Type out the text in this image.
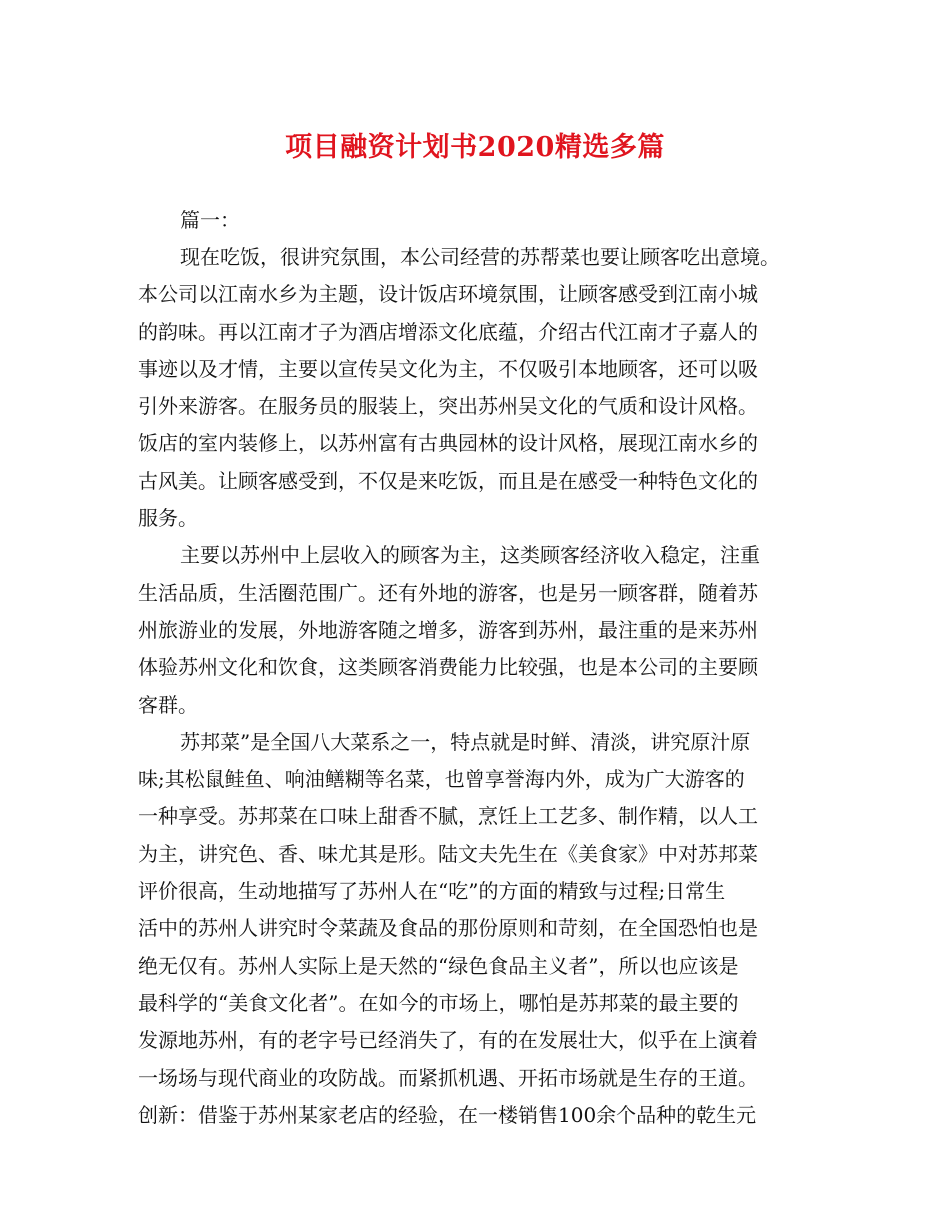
项目融资计划书2020精选多篇
篇一：
现在吃饭，很讲究氛围，本公司经营的苏帮菜也要让顾客吃出意境。
本公司以江南水乡为主题，设计饭店环境氛围，让顾客感受到江南小城
的韵味。再以江南才子为酒店增添文化底蕴，介绍古代江南才子嘉人的
事迹以及才情，主要以宣传吴文化为主，不仅吸引本地顾客，还可以吸
引外来游客。在服务员的服装上，突出苏州吴文化的气质和设计风格。
饭店的室内装修上，以苏州富有古典园林的设计风格，展现江南水乡的
古风美。让顾客感受到，不仅是来吃饭，而且是在感受一种特色文化的
服务。
主要以苏州中上层收入的顾客为主，这类顾客经济收入稳定，注重
生活品质，生活圈范围广。还有外地的游客，也是另一顾客群，随着苏
州旅游业的发展，外地游客随之增多，游客到苏州，最注重的是来苏州
体验苏州文化和饮食，这类顾客消费能力比较强，也是本公司的主要顾
客群。
苏邦菜”是全国八大菜系之一，特点就是时鲜、清淡，讲究原汁原
味;其松鼠鲑鱼、响油鳝糊等名菜，也曾享誉海内外，成为广大游客的
一种享受。苏邦菜在口味上甜香不腻，烹饪上工艺多、制作精，以人工
为主，讲究色、香、味尤其是形。陆文夫先生在《美食家》中对苏邦菜
评价很高，生动地描写了苏州人在“吃”的方面的精致与过程;日常生
活中的苏州人讲究时令菜蔬及食品的那份原则和苛刻，在全国恐怕也是
绝无仅有。苏州人实际上是天然的“绿色食品主义者”，所以也应该是
最科学的“美食文化者”。在如今的市场上，哪怕是苏邦菜的最主要的
发源地苏州，有的老字号已经消失了，有的在发展壮大，似乎在上演着
一场场与现代商业的攻防战。而紧抓机遇、开拓市场就是生存的王道。
创新：借鉴于苏州某家老店的经验，在一楼销售100余个品种的乾生元
